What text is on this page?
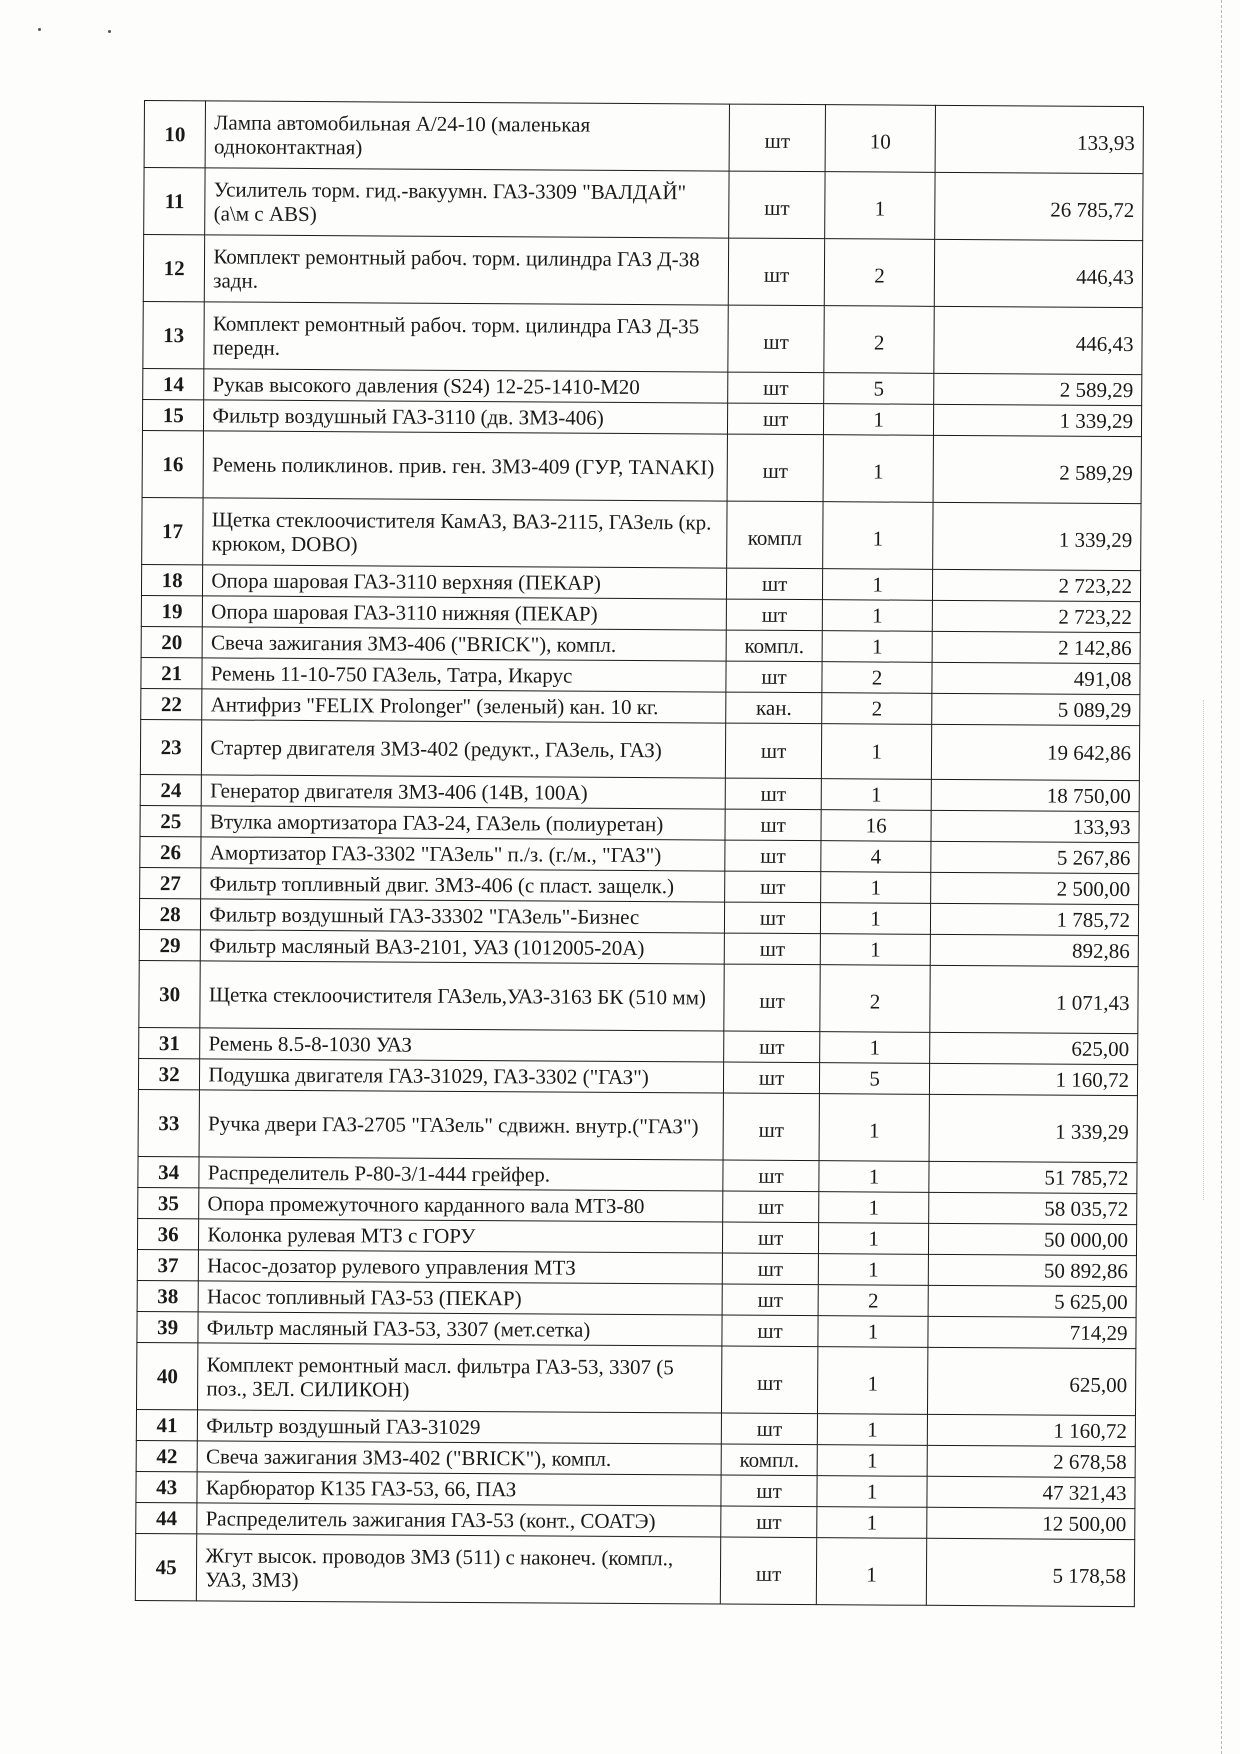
10	Лампа автомобильная А/24-10 (маленькая одноконтактная)	шт	10	133,93
11	Усилитель торм. гид.-вакуумн. ГАЗ-3309 "ВАЛДАЙ" (а\м с ABS)	шт	1	26 785,72
12	Комплект ремонтный рабоч. торм. цилиндра ГАЗ Д-38 задн.	шт	2	446,43
13	Комплект ремонтный рабоч. торм. цилиндра ГАЗ Д-35 передн.	шт	2	446,43
14	Рукав высокого давления (S24) 12-25-1410-М20	шт	5	2 589,29
15	Фильтр воздушный ГАЗ-3110 (дв. ЗМЗ-406)	шт	1	1 339,29
16	Ремень поликлинов. прив. ген. ЗМЗ-409 (ГУР, TANAKI)	шт	1	2 589,29
17	Щетка стеклоочистителя КамАЗ, ВАЗ-2115, ГАЗель (кр. крюком, DOBO)	компл	1	1 339,29
18	Опора шаровая ГАЗ-3110 верхняя (ПЕКАР)	шт	1	2 723,22
19	Опора шаровая ГАЗ-3110 нижняя (ПЕКАР)	шт	1	2 723,22
20	Свеча зажигания ЗМЗ-406 ("BRICK"), компл.	компл.	1	2 142,86
21	Ремень 11-10-750 ГАЗель, Татра, Икарус	шт	2	491,08
22	Антифриз "FELIX Prolonger" (зеленый) кан. 10 кг.	кан.	2	5 089,29
23	Стартер двигателя ЗМЗ-402 (редукт., ГАЗель, ГАЗ)	шт	1	19 642,86
24	Генератор двигателя ЗМЗ-406 (14В, 100А)	шт	1	18 750,00
25	Втулка амортизатора ГАЗ-24, ГАЗель (полиуретан)	шт	16	133,93
26	Амортизатор ГАЗ-3302 "ГАЗель" п./з. (г./м., "ГАЗ")	шт	4	5 267,86
27	Фильтр топливный двиг. ЗМЗ-406 (с пласт. защелк.)	шт	1	2 500,00
28	Фильтр воздушный ГАЗ-33302 "ГАЗель"-Бизнес	шт	1	1 785,72
29	Фильтр масляный ВАЗ-2101, УАЗ (1012005-20А)	шт	1	892,86
30	Щетка стеклоочистителя ГАЗель,УАЗ-3163 БК (510 мм)	шт	2	1 071,43
31	Ремень 8.5-8-1030 УАЗ	шт	1	625,00
32	Подушка двигателя ГАЗ-31029, ГАЗ-3302 ("ГАЗ")	шт	5	1 160,72
33	Ручка двери ГАЗ-2705 "ГАЗель" сдвижн. внутр.("ГАЗ")	шт	1	1 339,29
34	Распределитель Р-80-3/1-444 грейфер.	шт	1	51 785,72
35	Опора промежуточного карданного вала МТЗ-80	шт	1	58 035,72
36	Колонка рулевая МТЗ с ГОРУ	шт	1	50 000,00
37	Насос-дозатор рулевого управления МТЗ	шт	1	50 892,86
38	Насос топливный ГАЗ-53 (ПЕКАР)	шт	2	5 625,00
39	Фильтр масляный ГАЗ-53, 3307 (мет.сетка)	шт	1	714,29
40	Комплект ремонтный масл. фильтра ГАЗ-53, 3307 (5 поз., ЗЕЛ. СИЛИКОН)	шт	1	625,00
41	Фильтр воздушный ГАЗ-31029	шт	1	1 160,72
42	Свеча зажигания ЗМЗ-402 ("BRICK"), компл.	компл.	1	2 678,58
43	Карбюратор К135 ГАЗ-53, 66, ПАЗ	шт	1	47 321,43
44	Распределитель зажигания ГАЗ-53 (конт., СОАТЭ)	шт	1	12 500,00
45	Жгут высок. проводов ЗМЗ (511) с наконеч. (компл., УАЗ, ЗМЗ)	шт	1	5 178,58
